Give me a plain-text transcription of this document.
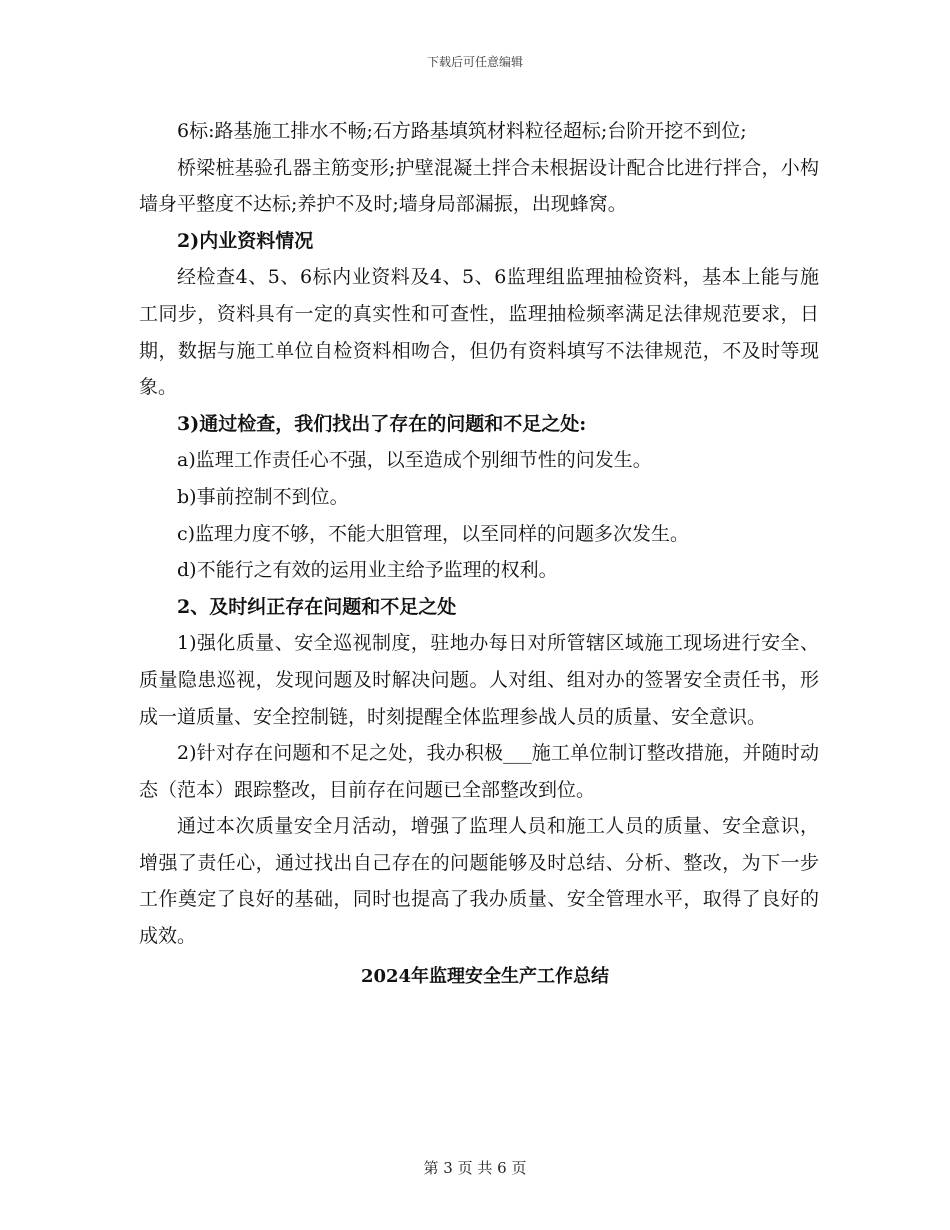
下载后可任意编辑

6标:路基施工排水不畅;石方路基填筑材料粒径超标;台阶开挖不到位;

桥梁桩基验孔器主筋变形;护壁混凝土拌合未根据设计配合比进行拌合，小构墙身平整度不达标;养护不及时;墙身局部漏振，出现蜂窝。

2)内业资料情况

经检查4、5、6标内业资料及4、5、6监理组监理抽检资料，基本上能与施工同步，资料具有一定的真实性和可查性，监理抽检频率满足法律规范要求，日期，数据与施工单位自检资料相吻合，但仍有资料填写不法律规范，不及时等现象。

3)通过检查，我们找出了存在的问题和不足之处:

a)监理工作责任心不强，以至造成个别细节性的问发生。

b)事前控制不到位。

c)监理力度不够，不能大胆管理，以至同样的问题多次发生。

d)不能行之有效的运用业主给予监理的权利。

2、及时纠正存在问题和不足之处

1)强化质量、安全巡视制度，驻地办每日对所管辖区域施工现场进行安全、质量隐患巡视，发现问题及时解决问题。人对组、组对办的签署安全责任书，形成一道质量、安全控制链，时刻提醒全体监理参战人员的质量、安全意识。

2)针对存在问题和不足之处，我办积极___施工单位制订整改措施，并随时动态（范本）跟踪整改，目前存在问题已全部整改到位。

通过本次质量安全月活动，增强了监理人员和施工人员的质量、安全意识，增强了责任心，通过找出自己存在的问题能够及时总结、分析、整改，为下一步工作奠定了良好的基础，同时也提高了我办质量、安全管理水平，取得了良好的成效。

2024年监理安全生产工作总结

第 3 页 共 6 页
